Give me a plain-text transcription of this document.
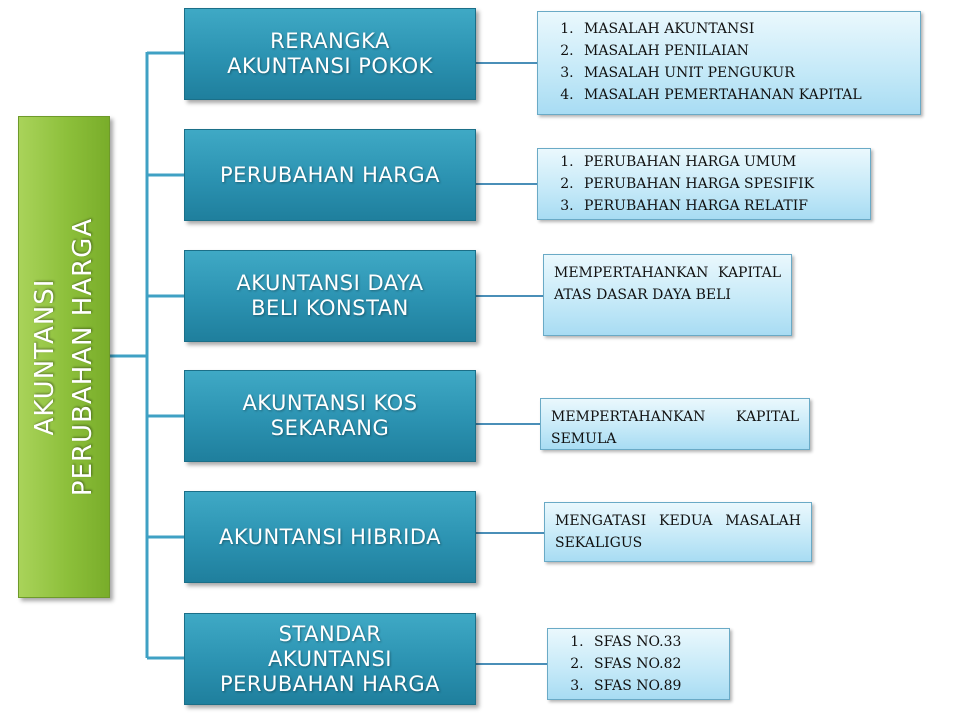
AKUNTANSI PERUBAHAN HARGA
RERANGKA
AKUNTANSI POKOK
PERUBAHAN HARGA
AKUNTANSI DAYA
BELI KONSTAN
AKUNTANSI KOS
SEKARANG
AKUNTANSI HIBRIDA
STANDAR
AKUNTANSI
PERUBAHAN HARGA
1. MASALAH AKUNTANSI
2. MASALAH PENILAIAN
3. MASALAH UNIT PENGUKUR
4. MASALAH PEMERTAHANAN KAPITAL
1. PERUBAHAN HARGA UMUM
2. PERUBAHAN HARGA SPESIFIK
3. PERUBAHAN HARGA RELATIF
MEMPERTAHANKAN KAPITAL ATAS DASAR DAYA BELI
MEMPERTAHANKAN KAPITAL SEMULA
MENGATASI KEDUA MASALAH SEKALIGUS
1. SFAS NO.33
2. SFAS NO.82
3. SFAS NO.89
